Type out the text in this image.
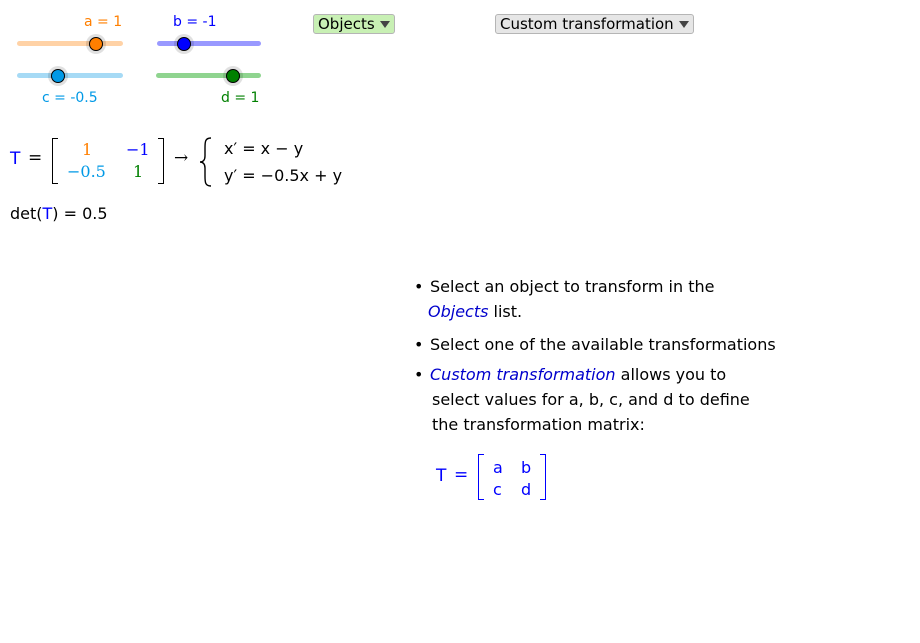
a = 1	b = -1
c = -0.5	d = 1
Objects	Custom transformation
T = 1 −1
−0.5 1
→ x′ = x − y
y′ = −0.5x + y
det(T) = 0.5
• Select an object to transform in the
Objects list.
• Select one of the available transformations
• Custom transformation allows you to
select values for a, b, c, and d to define
the transformation matrix:
T = a b
c d
